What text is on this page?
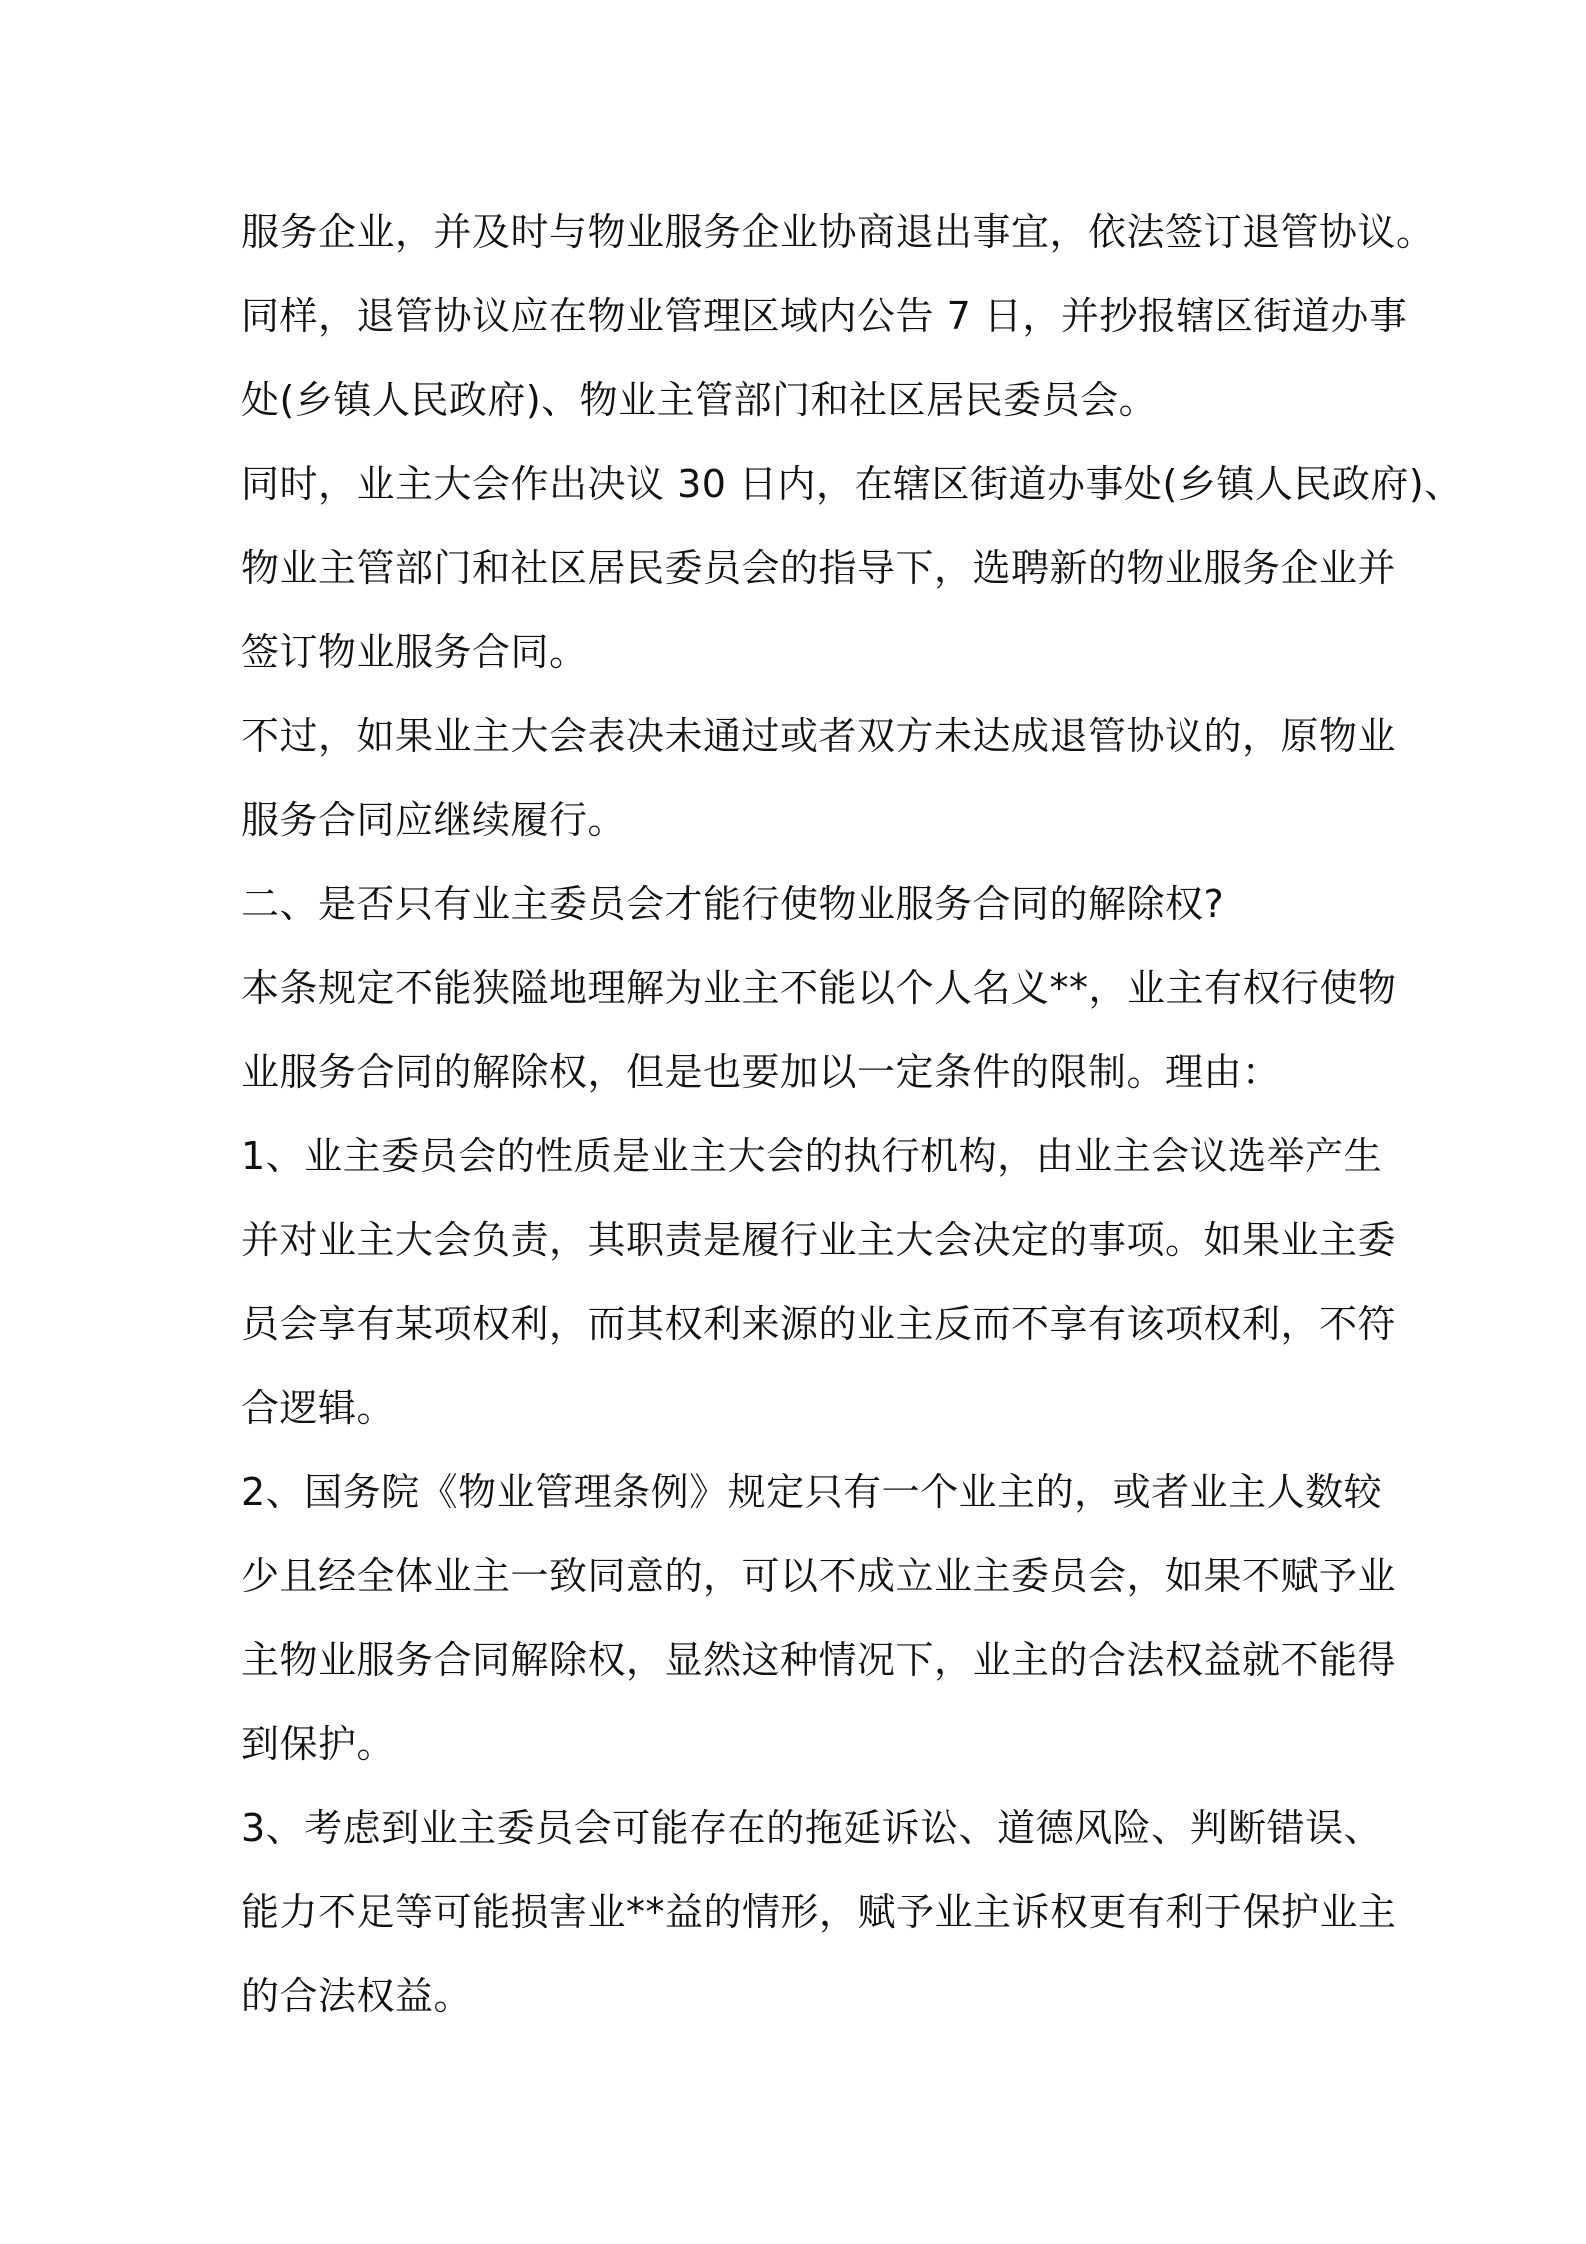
服务企业，并及时与物业服务企业协商退出事宜，依法签订退管协议。
同样，退管协议应在物业管理区域内公告 7 日，并抄报辖区街道办事
处(乡镇人民政府)、物业主管部门和社区居民委员会。
同时，业主大会作出决议 30 日内，在辖区街道办事处(乡镇人民政府)、
物业主管部门和社区居民委员会的指导下，选聘新的物业服务企业并
签订物业服务合同。
不过，如果业主大会表决未通过或者双方未达成退管协议的，原物业
服务合同应继续履行。
二、是否只有业主委员会才能行使物业服务合同的解除权?
本条规定不能狭隘地理解为业主不能以个人名义**，业主有权行使物
业服务合同的解除权，但是也要加以一定条件的限制。理由：
1、业主委员会的性质是业主大会的执行机构，由业主会议选举产生
并对业主大会负责，其职责是履行业主大会决定的事项。如果业主委
员会享有某项权利，而其权利来源的业主反而不享有该项权利，不符
合逻辑。
2、国务院《物业管理条例》规定只有一个业主的，或者业主人数较
少且经全体业主一致同意的，可以不成立业主委员会，如果不赋予业
主物业服务合同解除权，显然这种情况下，业主的合法权益就不能得
到保护。
3、考虑到业主委员会可能存在的拖延诉讼、道德风险、判断错误、
能力不足等可能损害业**益的情形，赋予业主诉权更有利于保护业主
的合法权益。
